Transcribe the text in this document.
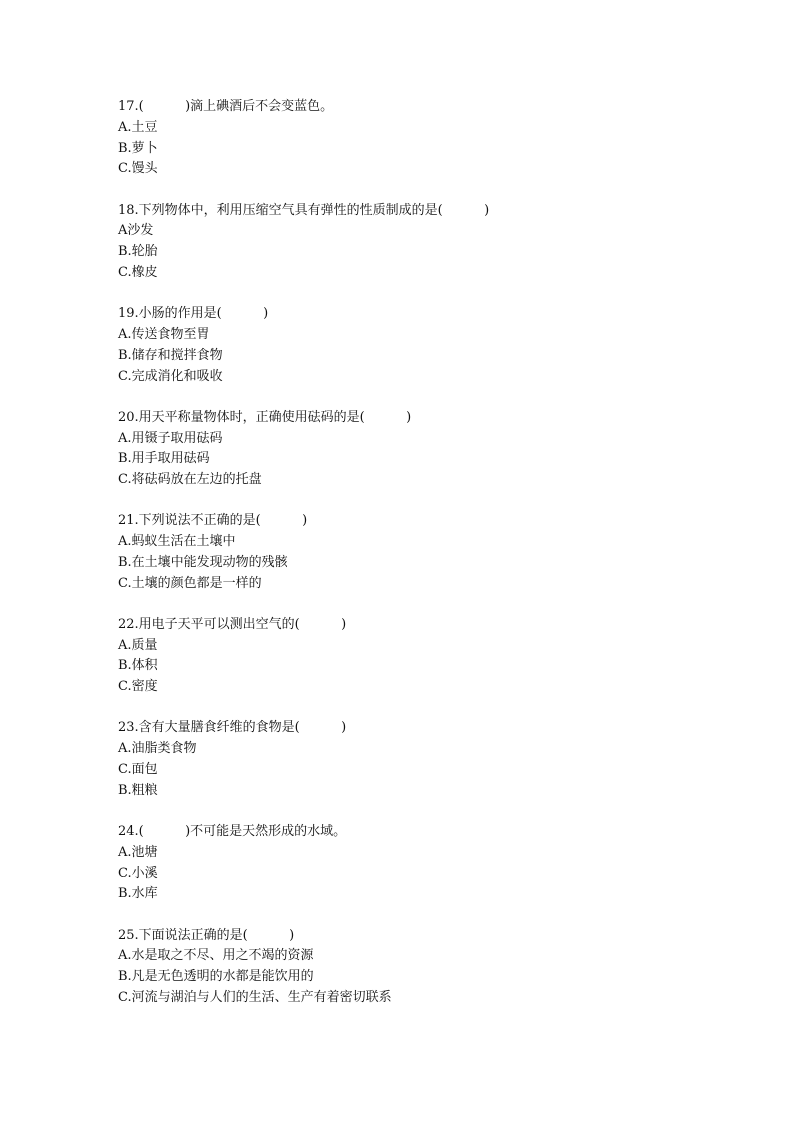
17.(          )滴上碘酒后不会变蓝色。
A.土豆
B.萝卜
C.馒头
18.下列物体中，利用压缩空气具有弹性的性质制成的是(          )
A沙发
B.轮胎
C.橡皮
19.小肠的作用是(          )
A.传送食物至胃
B.储存和搅拌食物
C.完成消化和吸收
20.用天平称量物体时，正确使用砝码的是(          )
A.用镊子取用砝码
B.用手取用砝码
C.将砝码放在左边的托盘
21.下列说法不正确的是(          )
A.蚂蚁生活在土壤中
B.在土壤中能发现动物的残骸
C.土壤的颜色都是一样的
22.用电子天平可以测出空气的(          )
A.质量
B.体积
C.密度
23.含有大量膳食纤维的食物是(          )
A.油脂类食物
C.面包
B.粗粮
24.(          )不可能是天然形成的水域。
A.池塘
C.小溪
B.水库
25.下面说法正确的是(          )
A.水是取之不尽、用之不竭的资源
B.凡是无色透明的水都是能饮用的
C.河流与湖泊与人们的生活、生产有着密切联系
